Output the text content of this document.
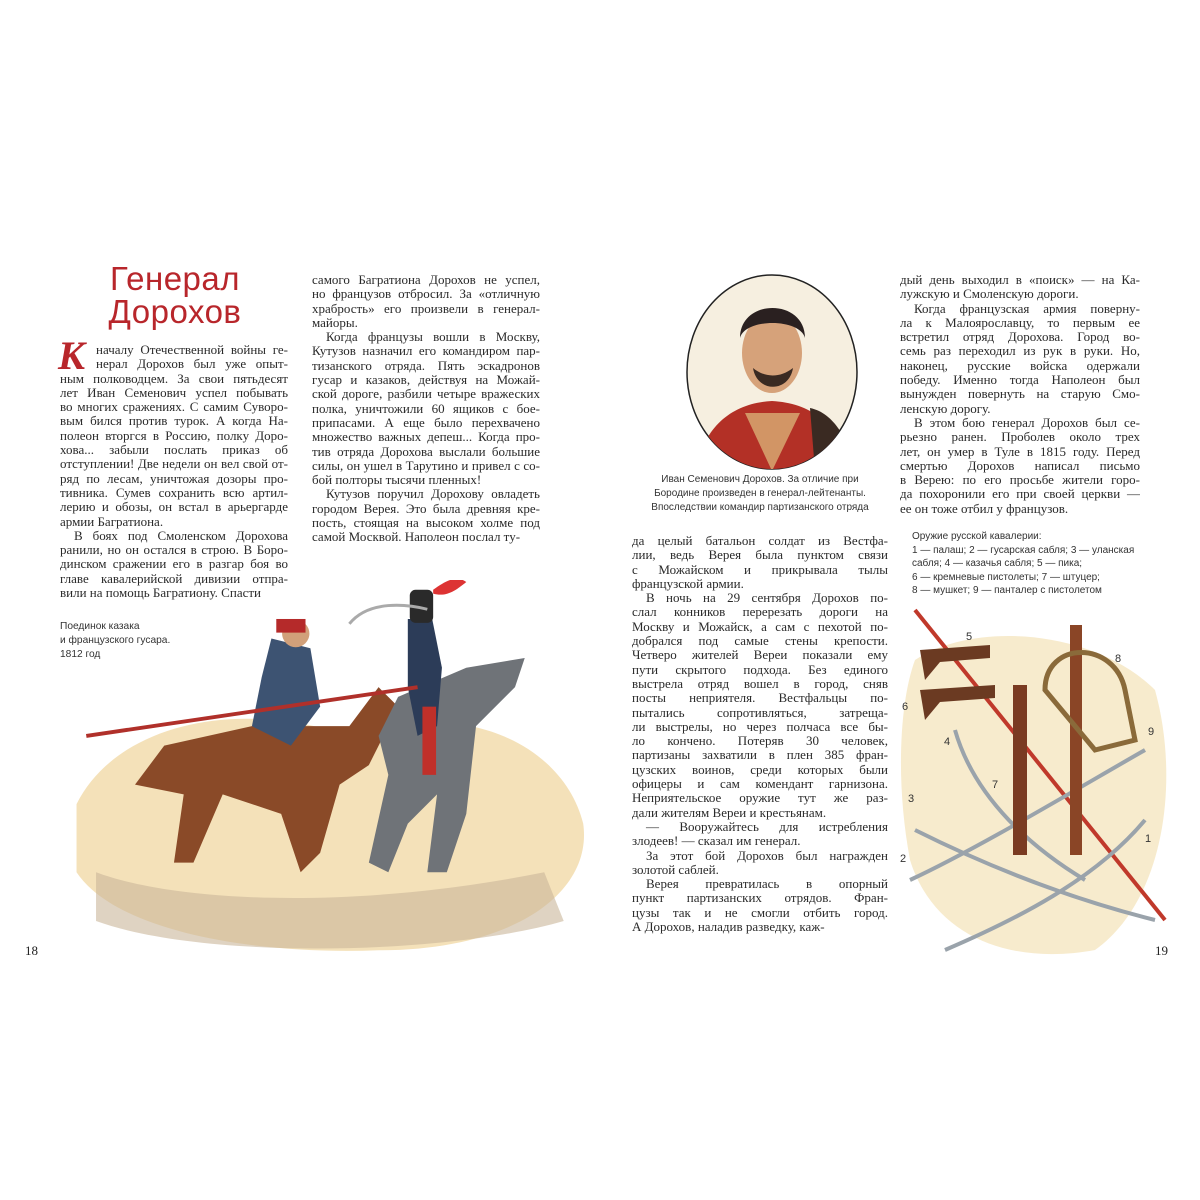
Генерал
Дорохов
К началу Отечественной войны ге-
нерал Дорохов был уже опыт-
ным полководцем. За свои пятьдесят
лет Иван Семенович успел побывать
во многих сражениях. С самим Суворо-
вым бился против турок. А когда На-
полеон вторгся в Россию, полку Доро-
хова... забыли послать приказ об
отступлении! Две недели он вел свой от-
ряд по лесам, уничтожая дозоры про-
тивника. Сумев сохранить всю артил-
лерию и обозы, он встал в арьергарде
армии Багратиона.
В боях под Смоленском Дорохова
ранили, но он остался в строю. В Боро-
динском сражении его в разгар боя во
главе кавалерийской дивизии отпра-
вили на помощь Багратиону. Спасти
самого Багратиона Дорохов не успел,
но французов отбросил. За «отличную
храбрость» его произвели в генерал-
майоры.
Когда французы вошли в Москву,
Кутузов назначил его командиром пар-
тизанского отряда. Пять эскадронов
гусар и казаков, действуя на Можай-
ской дороге, разбили четыре вражеских
полка, уничтожили 60 ящиков с бое-
припасами. А еще было перехвачено
множество важных депеш... Когда про-
тив отряда Дорохова выслали большие
силы, он ушел в Тарутино и привел с со-
бой полторы тысячи пленных!
Кутузов поручил Дорохову овладеть
городом Верея. Это была древняя кре-
пость, стоящая на высоком холме под
самой Москвой. Наполеон послал ту-	да целый батальон солдат из Вестфа-
лии, ведь Верея была пунктом связи
с Можайском и прикрывала тылы
французской армии.
В ночь на 29 сентября Дорохов по-
слал конников перерезать дороги на
Москву и Можайск, а сам с пехотой по-
добрался под самые стены крепости.
Четверо жителей Вереи показали ему
пути скрытого подхода. Без единого
выстрела отряд вошел в город, сняв
посты неприятеля. Вестфальцы по-
пытались сопротивляться, затреща-
ли выстрелы, но через полчаса все бы-
ло кончено. Потеряв 30 человек,
партизаны захватили в плен 385 фран-
цузских воинов, среди которых были
офицеры и сам комендант гарнизона.
Неприятельское оружие тут же раз-
дали жителям Вереи и крестьянам.
— Вооружайтесь для истребления
злодеев! — сказал им генерал.
За этот бой Дорохов был награжден
золотой саблей.
Верея превратилась в опорный
пункт партизанских отрядов. Фран-
цузы так и не смогли отбить город.
А Дорохов, наладив разведку, каж-
дый день выходил в «поиск» — на Ка-
лужскую и Смоленскую дороги.
Когда французская армия поверну-
ла к Малоярославцу, то первым ее
встретил отряд Дорохова. Город во-
семь раз переходил из рук в руки. Но,
наконец, русские войска одержали
победу. Именно тогда Наполеон был
вынужден повернуть на старую Смо-
ленскую дорогу.
В этом бою генерал Дорохов был се-
рьезно ранен. Проболев около трех
лет, он умер в Туле в 1815 году. Перед
смертью Дорохов написал письмо
в Верею: по его просьбе жители горо-
да похоронили его при своей церкви —
ее он тоже отбил у французов.
Поединок казака
и французского гусара.
1812 год
Иван Семенович Дорохов. За отличие при
Бородине произведен в генерал-лейтенанты.
Впоследствии командир партизанского отряда
Оружие русской кавалерии:
1 — палаш; 2 — гусарская сабля; 3 — уланская
сабля; 4 — казачья сабля; 5 — пика;
6 — кремневые пистолеты; 7 — штуцер;
8 — мушкет; 9 — панталер с пистолетом
1
2
3
4
5
6
7
8
9
18	19
